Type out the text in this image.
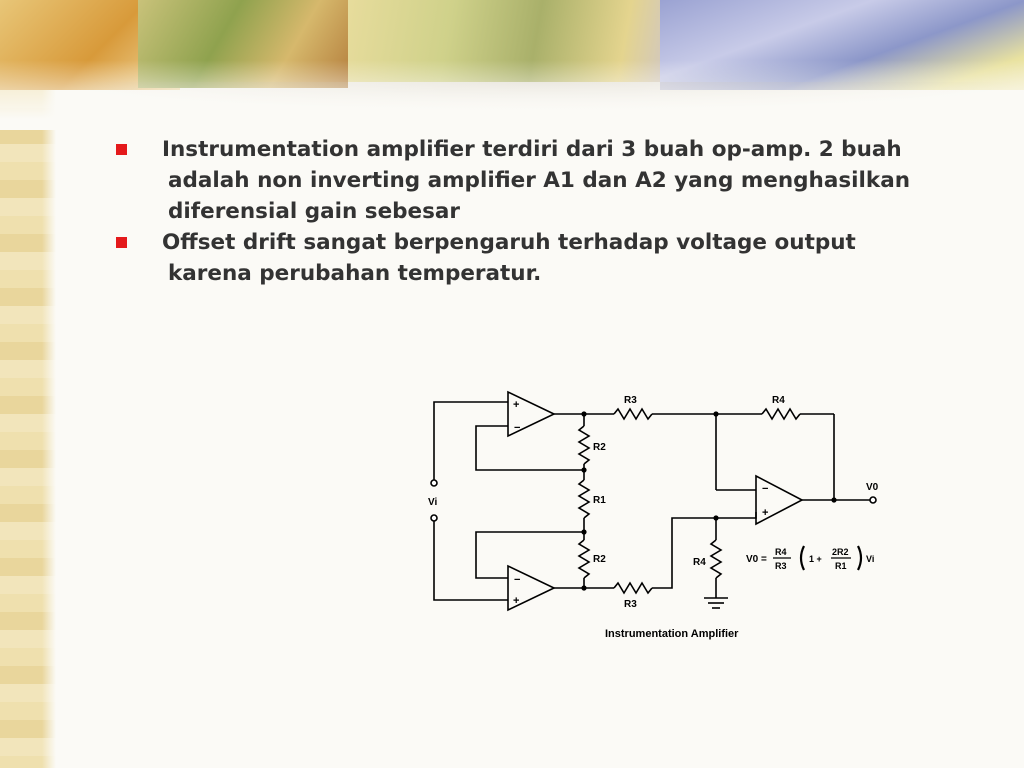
Instrumentation amplifier terdiri dari 3 buah op-amp. 2 buah
adalah non inverting amplifier A1 dan A2 yang menghasilkan
diferensial gain sebesar
Offset drift sangat berpengaruh terhadap voltage output
karena perubahan temperatur.
+
−
−
+
−
+
R3	R4
R2
R1
R2
R3
R4
Vi
V0
V0 =
R4
R3
1 +
2R2
R1
Vi
Instrumentation Amplifier
